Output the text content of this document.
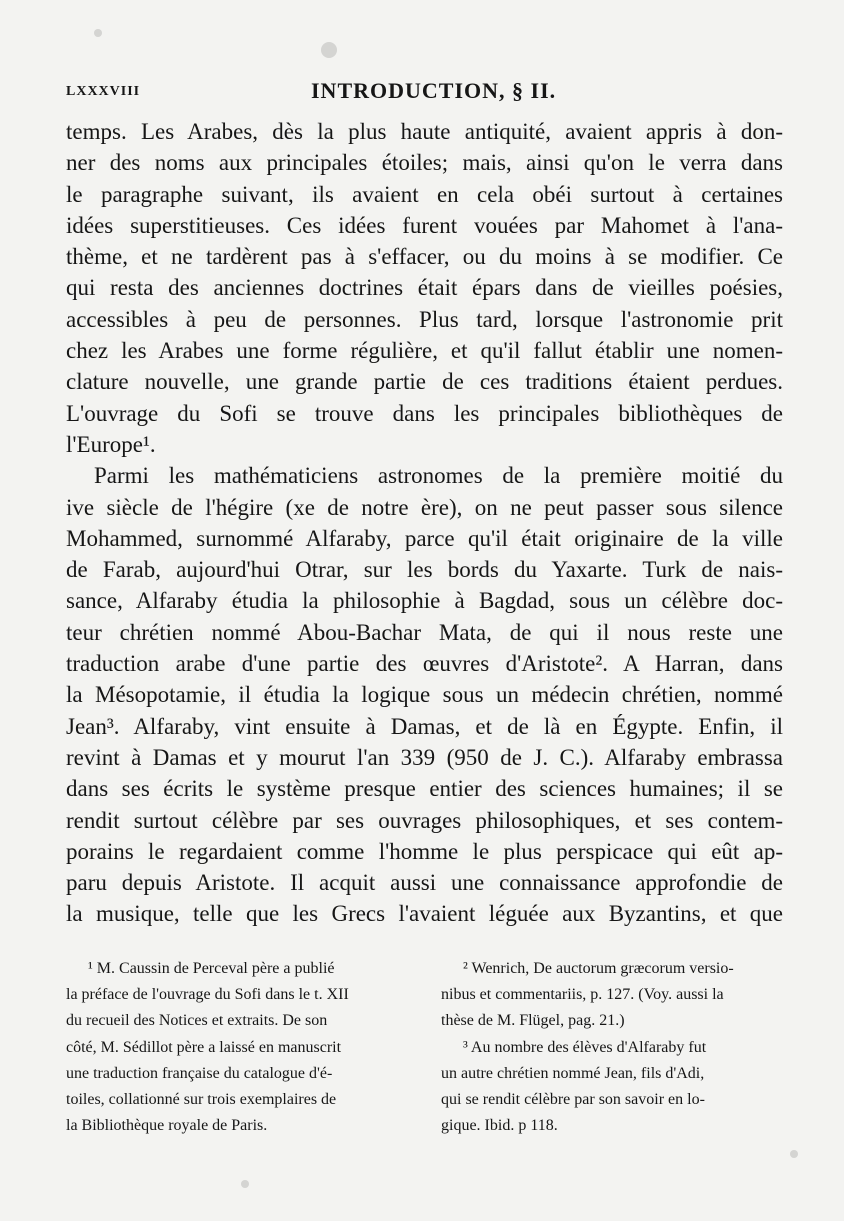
LXXXVIII	INTRODUCTION, § II.
temps. Les Arabes, dès la plus haute antiquité, avaient appris à don-
ner des noms aux principales étoiles; mais, ainsi qu'on le verra dans
le paragraphe suivant, ils avaient en cela obéi surtout à certaines
idées superstitieuses. Ces idées furent vouées par Mahomet à l'ana-
thème, et ne tardèrent pas à s'effacer, ou du moins à se modifier. Ce
qui resta des anciennes doctrines était épars dans de vieilles poésies,
accessibles à peu de personnes. Plus tard, lorsque l'astronomie prit
chez les Arabes une forme régulière, et qu'il fallut établir une nomen-
clature nouvelle, une grande partie de ces traditions étaient perdues.
L'ouvrage du Sofi se trouve dans les principales bibliothèques de
l'Europe¹.
Parmi les mathématiciens astronomes de la première moitié du
ive siècle de l'hégire (xe de notre ère), on ne peut passer sous silence
Mohammed, surnommé Alfaraby, parce qu'il était originaire de la ville
de Farab, aujourd'hui Otrar, sur les bords du Yaxarte. Turk de nais-
sance, Alfaraby étudia la philosophie à Bagdad, sous un célèbre doc-
teur chrétien nommé Abou-Bachar Mata, de qui il nous reste une
traduction arabe d'une partie des œuvres d'Aristote². A Harran, dans
la Mésopotamie, il étudia la logique sous un médecin chrétien, nommé
Jean³. Alfaraby, vint ensuite à Damas, et de là en Égypte. Enfin, il
revint à Damas et y mourut l'an 339 (950 de J. C.). Alfaraby embrassa
dans ses écrits le système presque entier des sciences humaines; il se
rendit surtout célèbre par ses ouvrages philosophiques, et ses contem-
porains le regardaient comme l'homme le plus perspicace qui eût ap-
paru depuis Aristote. Il acquit aussi une connaissance approfondie de
la musique, telle que les Grecs l'avaient léguée aux Byzantins, et que
¹ M. Caussin de Perceval père a publié
la préface de l'ouvrage du Sofi dans le t. XII
du recueil des Notices et extraits. De son
côté, M. Sédillot père a laissé en manuscrit
une traduction française du catalogue d'é-
toiles, collationné sur trois exemplaires de
la Bibliothèque royale de Paris.
² Wenrich, De auctorum græcorum versio-
nibus et commentariis, p. 127. (Voy. aussi la
thèse de M. Flügel, pag. 21.)
³ Au nombre des élèves d'Alfaraby fut
un autre chrétien nommé Jean, fils d'Adi,
qui se rendit célèbre par son savoir en lo-
gique. Ibid. p 118.
